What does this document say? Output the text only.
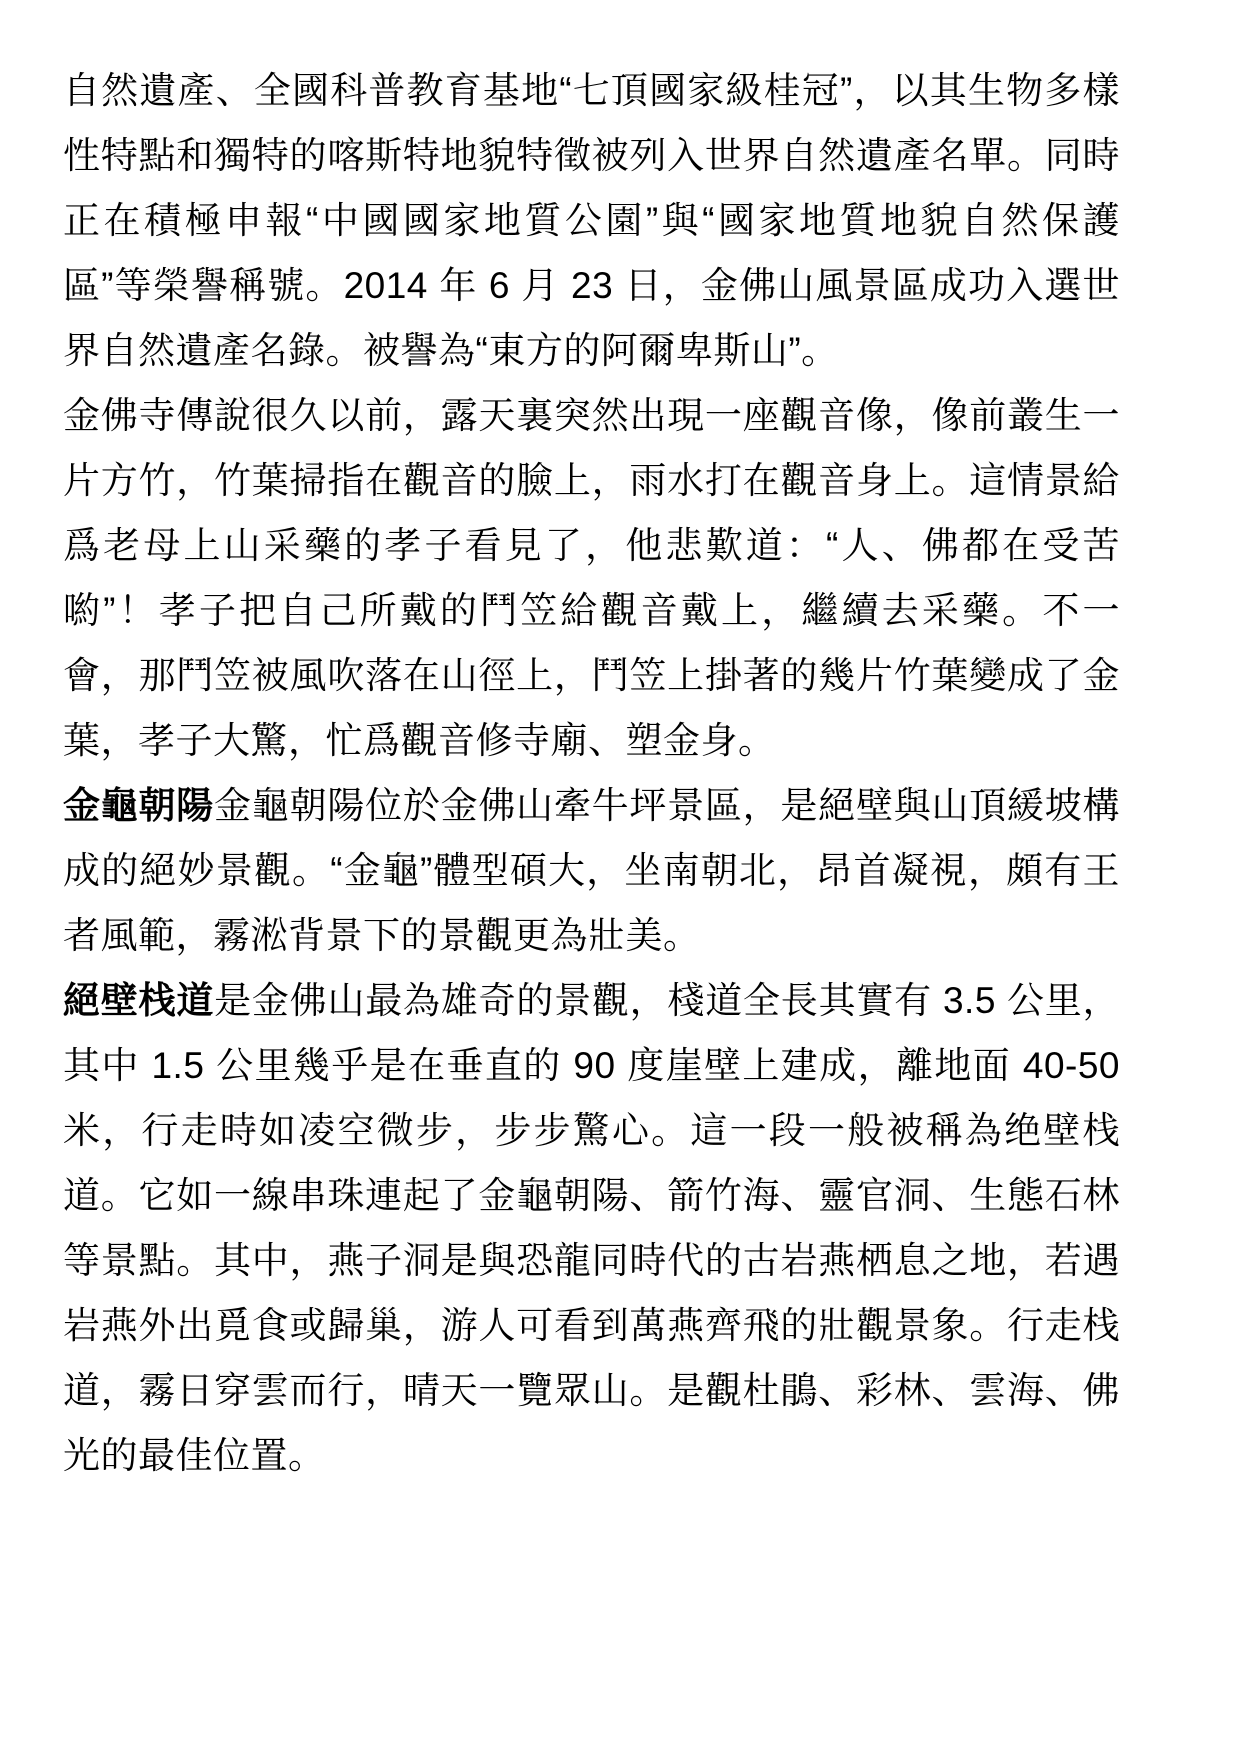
自然遺產、全國科普教育基地“七頂國家級桂冠”，以其生物多樣性特點和獨特的喀斯特地貌特徵被列入世界自然遺產名單。同時正在積極申報“中國國家地質公園”與“國家地質地貌自然保護區”等榮譽稱號。2014 年 6 月 23 日，金佛山風景區成功入選世界自然遺產名錄。被譽為“東方的阿爾卑斯山”。

金佛寺傳說很久以前，露天裏突然出現一座觀音像，像前叢生一片方竹，竹葉掃指在觀音的臉上，雨水打在觀音身上。這情景給爲老母上山采藥的孝子看見了，他悲歎道：“人、佛都在受苦喲”！孝子把自己所戴的鬥笠給觀音戴上，繼續去采藥。不一會，那鬥笠被風吹落在山徑上，鬥笠上掛著的幾片竹葉變成了金葉，孝子大驚，忙爲觀音修寺廟、塑金身。

金龜朝陽金龜朝陽位於金佛山牽牛坪景區，是絕壁與山頂緩坡構成的絕妙景觀。“金龜”體型碩大，坐南朝北，昂首凝視，頗有王者風範，霧淞背景下的景觀更為壯美。

絕壁栈道是金佛山最為雄奇的景觀，棧道全長其實有 3.5 公里，其中 1.5 公里幾乎是在垂直的 90 度崖壁上建成，離地面 40-50 米，行走時如凌空微步，步步驚心。這一段一般被稱為绝壁栈道。它如一線串珠連起了金龜朝陽、箭竹海、靈官洞、生態石林等景點。其中，燕子洞是與恐龍同時代的古岩燕栖息之地，若遇岩燕外出覓食或歸巢，游人可看到萬燕齊飛的壯觀景象。行走栈道，霧日穿雲而行，晴天一覽眾山。是觀杜鵑、彩林、雲海、佛光的最佳位置。
